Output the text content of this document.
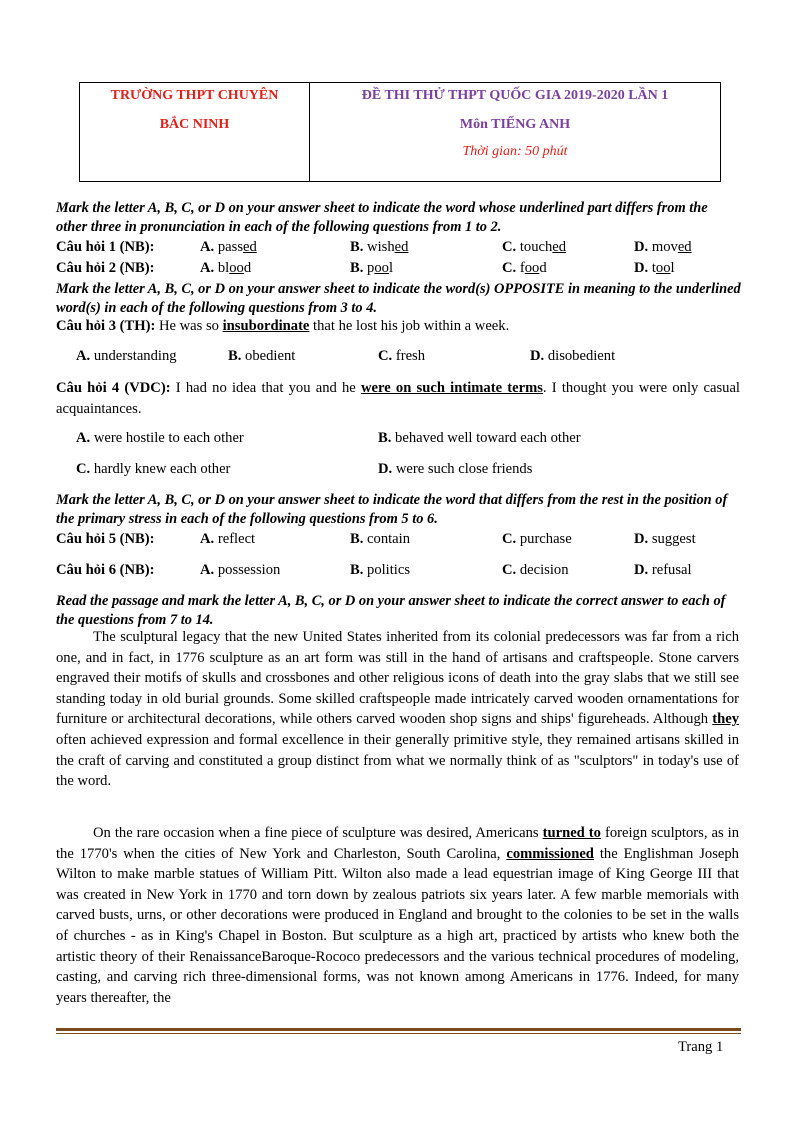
TRƯỜNG THPT CHUYÊN
BẮC NINH
ĐỀ THI THỬ THPT QUỐC GIA 2019-2020 LẦN 1
Môn TIẾNG ANH
Thời gian: 50 phút
Mark the letter A, B, C, or D on your answer sheet to indicate the word whose underlined part differs from the other three in pronunciation in each of the following questions from 1 to 2.
Câu hỏi 1 (NB):	A. passed	B. wished	C. touched	D. moved
Câu hỏi 2 (NB):	A. blood	B. pool	C. food	D. tool
Mark the letter A, B, C, or D on your answer sheet to indicate the word(s) OPPOSITE in meaning to the underlined word(s) in each of the following questions from 3 to 4.
Câu hỏi 3 (TH): He was so insubordinate that he lost his job within a week.
A. understanding	B. obedient	C. fresh	D. disobedient
Câu hỏi 4 (VDC): I had no idea that you and he were on such intimate terms. I thought you were only casual acquaintances.
A. were hostile to each other	B. behaved well toward each other
C. hardly knew each other	D. were such close friends
Mark the letter A, B, C, or D on your answer sheet to indicate the word that differs from the rest in the position of the primary stress in each of the following questions from 5 to 6.
Câu hỏi 5 (NB):	A. reflect	B. contain	C. purchase	D. suggest
Câu hỏi 6 (NB):	A. possession	B. politics	C. decision	D. refusal
Read the passage and mark the letter A, B, C, or D on your answer sheet to indicate the correct answer to each of the questions from 7 to 14.
The sculptural legacy that the new United States inherited from its colonial predecessors was far from a rich one, and in fact, in 1776 sculpture as an art form was still in the hand of artisans and craftspeople. Stone carvers engraved their motifs of skulls and crossbones and other religious icons of death into the gray slabs that we still see standing today in old burial grounds. Some skilled craftspeople made intricately carved wooden ornamentations for furniture or architectural decorations, while others carved wooden shop signs and ships' figureheads. Although they often achieved expression and formal excellence in their generally primitive style, they remained artisans skilled in the craft of carving and constituted a group distinct from what we normally think of as "sculptors" in today's use of the word.
On the rare occasion when a fine piece of sculpture was desired, Americans turned to foreign sculptors, as in the 1770's when the cities of New York and Charleston, South Carolina, commissioned the Englishman Joseph Wilton to make marble statues of William Pitt. Wilton also made a lead equestrian image of King George III that was created in New York in 1770 and torn down by zealous patriots six years later. A few marble memorials with carved busts, urns, or other decorations were produced in England and brought to the colonies to be set in the walls of churches - as in King's Chapel in Boston. But sculpture as a high art, practiced by artists who knew both the artistic theory of their RenaissanceBaroque-Rococo predecessors and the various technical procedures of modeling, casting, and carving rich three-dimensional forms, was not known among Americans in 1776. Indeed, for many years thereafter, the
Trang 1
